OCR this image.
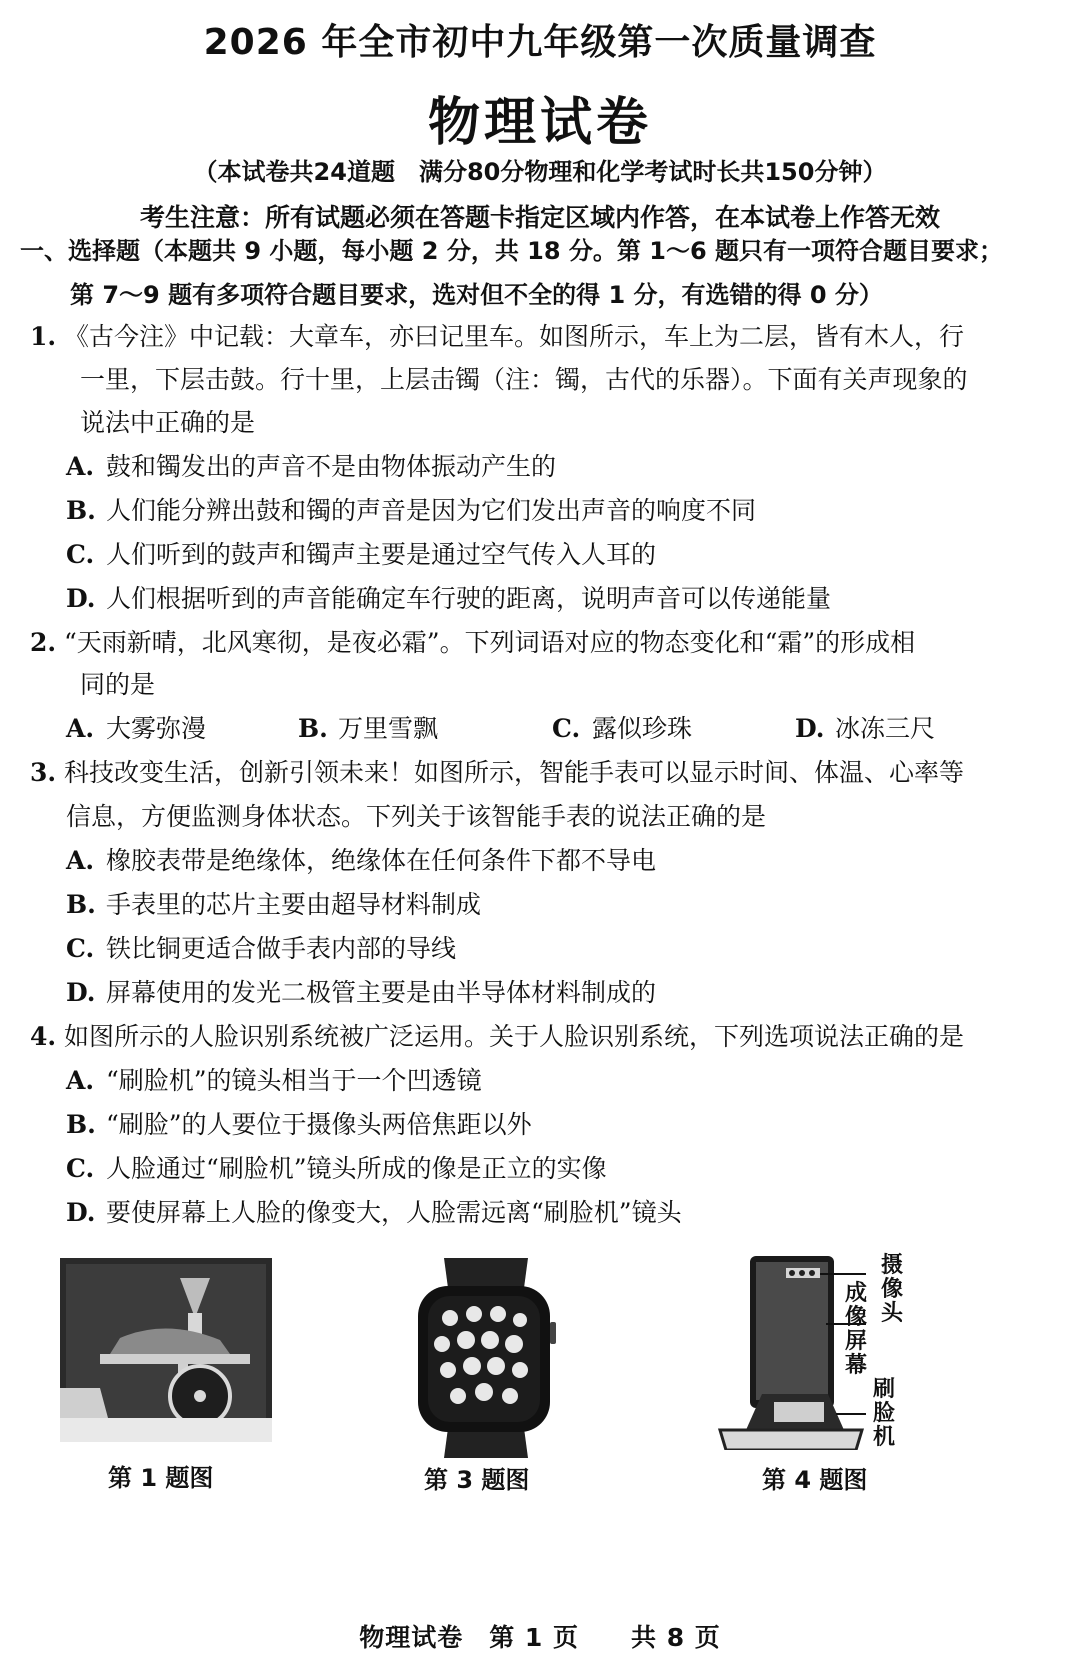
2026 年全市初中九年级第一次质量调查
物理试卷
（本试卷共24道题　满分80分物理和化学考试时长共150分钟）
考生注意：所有试题必须在答题卡指定区域内作答，在本试卷上作答无效
一、选择题（本题共 9 小题，每小题 2 分，共 18 分。第 1～6 题只有一项符合题目要求；
第 7～9 题有多项符合题目要求，选对但不全的得 1 分，有选错的得 0 分）
1. 《古今注》中记载：大章车，亦曰记里车。如图所示，车上为二层，皆有木人，行
一里，下层击鼓。行十里，上层击镯（注：镯，古代的乐器）。下面有关声现象的
说法中正确的是
A. 鼓和镯发出的声音不是由物体振动产生的
B. 人们能分辨出鼓和镯的声音是因为它们发出声音的响度不同
C. 人们听到的鼓声和镯声主要是通过空气传入人耳的
D. 人们根据听到的声音能确定车行驶的距离，说明声音可以传递能量
2. “天雨新晴，北风寒彻，是夜必霜”。下列词语对应的物态变化和“霜”的形成相
同的是
A. 大雾弥漫	B. 万里雪飘	C. 露似珍珠	D. 冰冻三尺
3. 科技改变生活，创新引领未来！如图所示，智能手表可以显示时间、体温、心率等
信息，方便监测身体状态。下列关于该智能手表的说法正确的是
A. 橡胶表带是绝缘体，绝缘体在任何条件下都不导电
B. 手表里的芯片主要由超导材料制成
C. 铁比铜更适合做手表内部的导线
D. 屏幕使用的发光二极管主要是由半导体材料制成的
4. 如图所示的人脸识别系统被广泛运用。关于人脸识别系统，下列选项说法正确的是
A. “刷脸机”的镜头相当于一个凹透镜
B. “刷脸”的人要位于摄像头两倍焦距以外
C. 人脸通过“刷脸机”镜头所成的像是正立的实像
D. 要使屏幕上人脸的像变大，人脸需远离“刷脸机”镜头
第 1 题图	第 3 题图
摄像头
成像屏幕
刷脸机
第 4 题图
物理试卷　第 1 页　　共 8 页
